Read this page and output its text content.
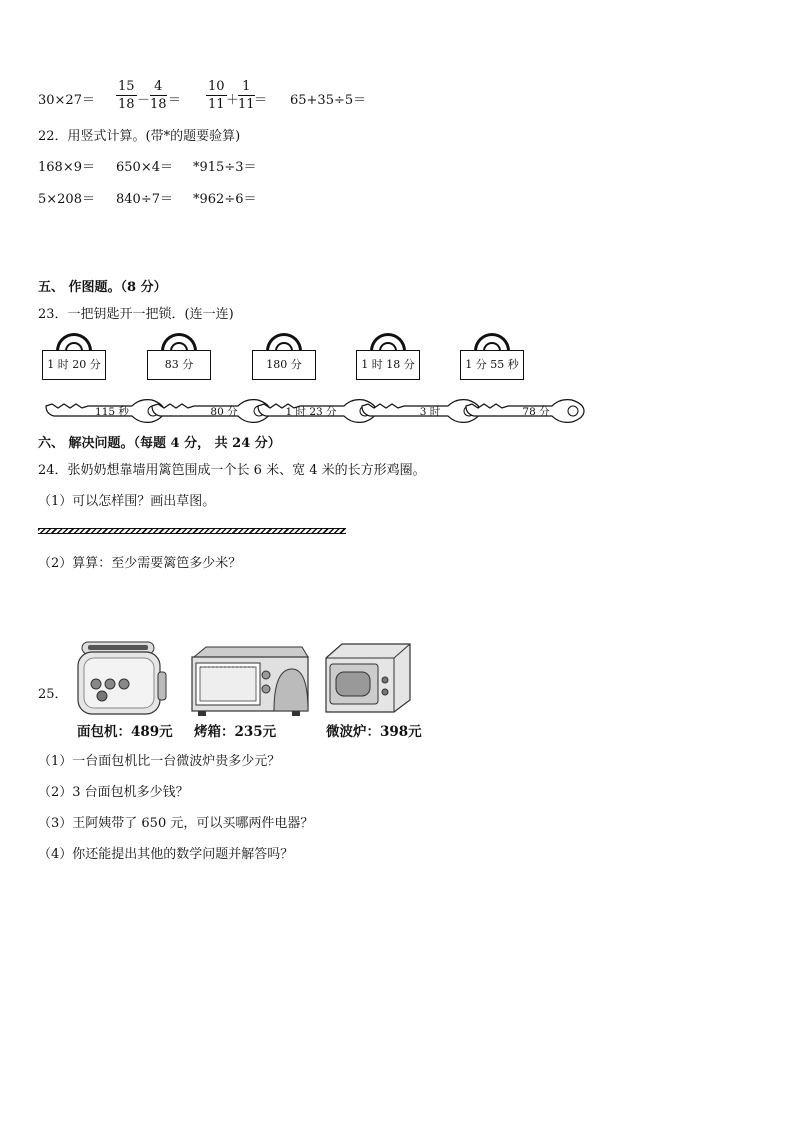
$30\times 27= \frac{15}{18} - \frac{4}{18} = \frac{10}{11}$ ＋
$\frac{1}{11} = 65+35\div 5=$
22．用竖式计算。(带*的题要验算)
168×9＝ 650×4＝ *915÷3＝
5×208＝ 840÷7＝ *962÷6＝
五、 作图题。（8 分）
23．一把钥匙开一把锁．(连一连)
1 时 20 分	83 分	180 分	1 时 18 分	1 分 55 秒
115 秒	80 分	1 时 23 分	3 时	78 分
六、 解决问题。（每题 4 分， 共 24 分）
24．张奶奶想靠墙用篱笆围成一个长 6 米、宽 4 米的长方形鸡圈。
（1）可以怎样围？画出草图。
（2）算算：至少需要篱笆多少米？
25．
面包机：489元 烤箱：235元	微波炉：398元
（1）一台面包机比一台微波炉贵多少元？
（2）3 台面包机多少钱？
（3）王阿姨带了 650 元，可以买哪两件电器？
（4）你还能提出其他的数学问题并解答吗？
